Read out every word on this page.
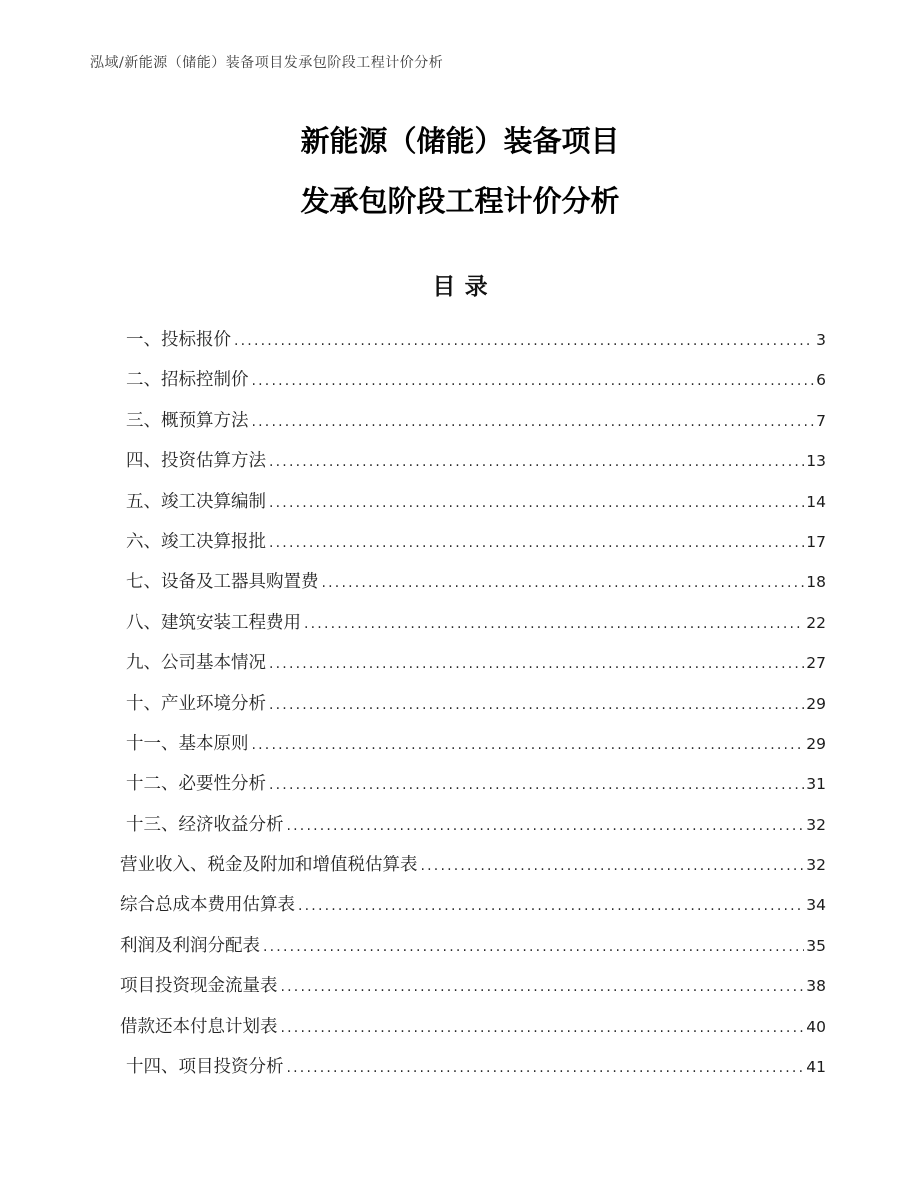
泓域/新能源（储能）装备项目发承包阶段工程计价分析
新能源（储能）装备项目
发承包阶段工程计价分析
目录
一、投标报价 .....	3
二、招标控制价 .....	6
三、概预算方法 .....	7
四、投资估算方法 .....	13
五、竣工决算编制 .....	14
六、竣工决算报批 .....	17
七、设备及工器具购置费 .....	18
八、建筑安装工程费用 .....	22
九、公司基本情况 .....	27
十、产业环境分析 .....	29
十一、基本原则 .....	29
十二、必要性分析 .....	31
十三、经济收益分析 .....	32
营业收入、税金及附加和增值税估算表 .....	32
综合总成本费用估算表 .....	34
利润及利润分配表 .....	35
项目投资现金流量表 .....	38
借款还本付息计划表 .....	40
十四、项目投资分析 .....	41
